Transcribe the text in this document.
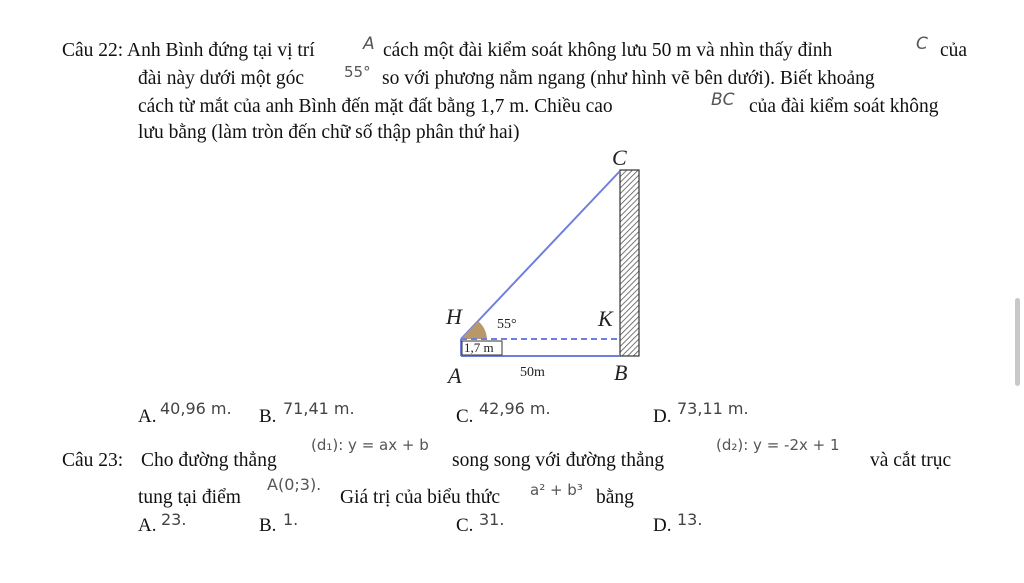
Câu 22: Anh Bình đứng tại vị trí	A cách một đài kiểm soát không lưu 50 m và nhìn thấy đỉnh	C của
đài này dưới một góc	55° so với phương nằm ngang (như hình vẽ bên dưới). Biết khoảng
cách từ mắt của anh Bình đến mặt đất bằng 1,7 m. Chiều cao	BC của đài kiểm soát không
lưu bằng (làm tròn đến chữ số thập phân thứ hai)
1,7 m
C
H	K
55°
A	50m	B
A. 40,96 m. B. 71,41 m.	C. 42,96 m.	D. 73,11 m.
Câu 23: Cho đường thẳng
(d₁): y = ax + b
song song với đường thẳng
(d₂): y = -2x + 1
và cắt trục
tung tại điểm
A(0;3).
Giá trị của biểu thức a² + b³ bằng
A. 23.	B. 1.	C. 31.	D. 13.
